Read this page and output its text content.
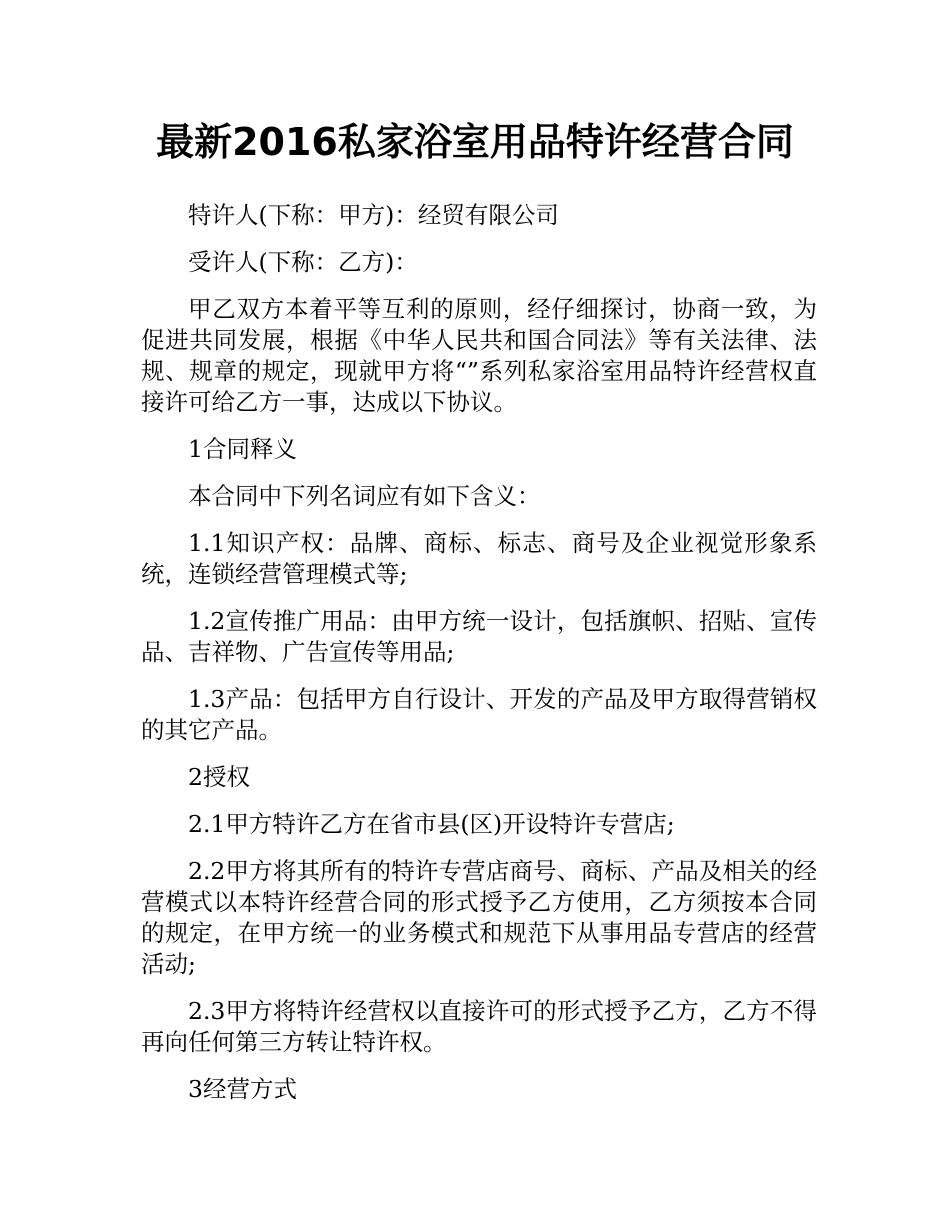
最新2016私家浴室用品特许经营合同

特许人(下称：甲方)：经贸有限公司

受许人(下称：乙方)：

甲乙双方本着平等互利的原则，经仔细探讨，协商一致，为促进共同发展，根据《中华人民共和国合同法》等有关法律、法规、规章的规定，现就甲方将“”系列私家浴室用品特许经营权直接许可给乙方一事，达成以下协议。

1合同释义

本合同中下列名词应有如下含义：

1.1知识产权：品牌、商标、标志、商号及企业视觉形象系统，连锁经营管理模式等;

1.2宣传推广用品：由甲方统一设计，包括旗帜、招贴、宣传品、吉祥物、广告宣传等用品;

1.3产品：包括甲方自行设计、开发的产品及甲方取得营销权的其它产品。

2授权

2.1甲方特许乙方在省市县(区)开设特许专营店;

2.2甲方将其所有的特许专营店商号、商标、产品及相关的经营模式以本特许经营合同的形式授予乙方使用，乙方须按本合同的规定，在甲方统一的业务模式和规范下从事用品专营店的经营活动;

2.3甲方将特许经营权以直接许可的形式授予乙方，乙方不得再向任何第三方转让特许权。

3经营方式
